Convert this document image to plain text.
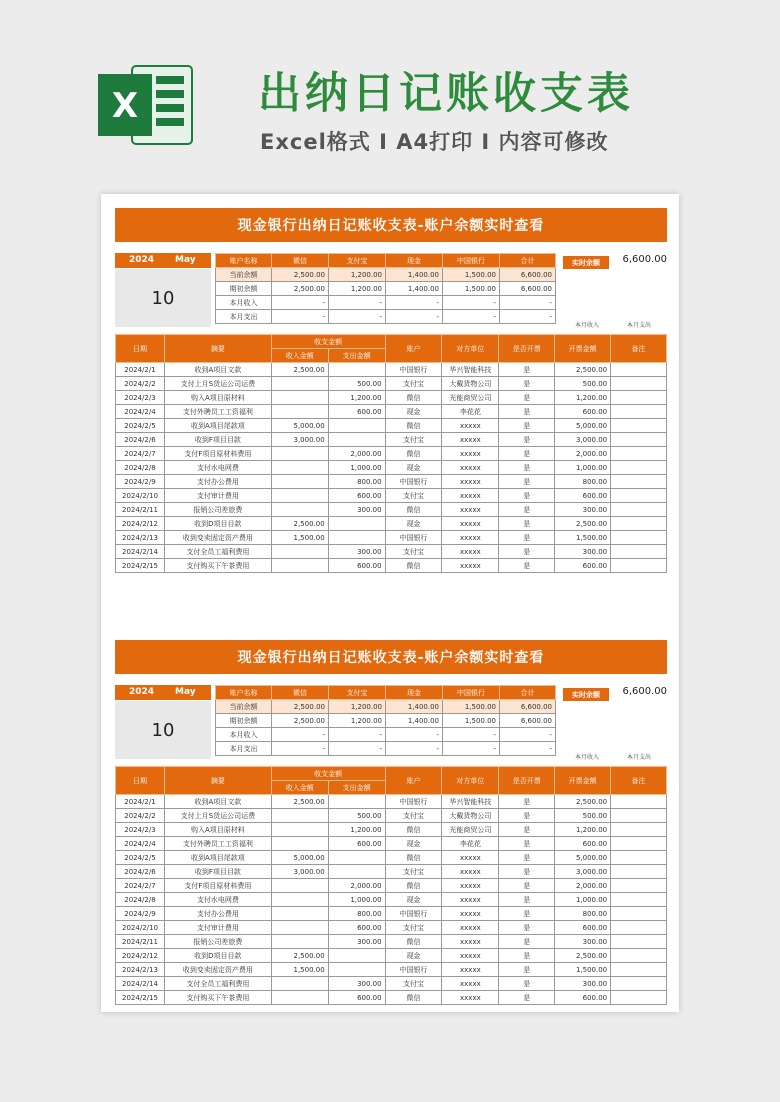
X	出纳日记账收支表
Excel格式 I A4打印 I 内容可修改
现金银行出纳日记账收支表-账户余额实时查看
2024 May
10
账户名称	微信	支付宝	现金	中国银行	合计
当前余额	2,500.00	1,200.00	1,400.00	1,500.00	6,600.00
期初余额	2,500.00	1,200.00	1,400.00	1,500.00	6,600.00
本月收入	-	-	-	-	-
本月支出	-	-	-	-	-
实时余额	6,600.00
本月收入	本月支出
日期	摘要	收支金额		账户	对方单位	是否开票	开票金额	备注
		收入金额	支出金额					
2024/2/1	收到A项目文款	2,500.00		中国银行	华兴智能科技	是	2,500.00	
2024/2/2	支付上月S货运公司运费		500.00	支付宝	大戴货物公司	是	500.00	
2024/2/3	购入A项目原材料		1,200.00	微信	光能商贸公司	是	1,200.00	
2024/2/4	支付外聘员工工资福利		600.00	现金	李花花	是	600.00	
2024/2/5	收到A项目尾款项	5,000.00		微信	xxxxx	是	5,000.00	
2024/2/6	收到F项目目款	3,000.00		支付宝	xxxxx	是	3,000.00	
2024/2/7	支付F项目原材料费用		2,000.00	微信	xxxxx	是	2,000.00	
2024/2/8	支付水电网费		1,000.00	现金	xxxxx	是	1,000.00	
2024/2/9	支付办公费用		800.00	中国银行	xxxxx	是	800.00	
2024/2/10	支付审计费用		600.00	支付宝	xxxxx	是	600.00	
2024/2/11	报销公司差旅费		300.00	微信	xxxxx	是	300.00	
2024/2/12	收到D项目目款	2,500.00		现金	xxxxx	是	2,500.00	
2024/2/13	收到变卖固定资产费用	1,500.00		中国银行	xxxxx	是	1,500.00	
2024/2/14	支付全员工福利费用		300.00	支付宝	xxxxx	是	300.00	
2024/2/15	支付购买下午茶费用		600.00	微信	xxxxx	是	600.00	
现金银行出纳日记账收支表-账户余额实时查看
2024 May
10
账户名称	微信	支付宝	现金	中国银行	合计
当前余额	2,500.00	1,200.00	1,400.00	1,500.00	6,600.00
期初余额	2,500.00	1,200.00	1,400.00	1,500.00	6,600.00
本月收入	-	-	-	-	-
本月支出	-	-	-	-	-
实时余额	6,600.00
本月收入	本月支出
日期	摘要	收支金额		账户	对方单位	是否开票	开票金额	备注
		收入金额	支出金额					
2024/2/1	收到A项目文款	2,500.00		中国银行	华兴智能科技	是	2,500.00	
2024/2/2	支付上月S货运公司运费		500.00	支付宝	大戴货物公司	是	500.00	
2024/2/3	购入A项目原材料		1,200.00	微信	光能商贸公司	是	1,200.00	
2024/2/4	支付外聘员工工资福利		600.00	现金	李花花	是	600.00	
2024/2/5	收到A项目尾款项	5,000.00		微信	xxxxx	是	5,000.00	
2024/2/6	收到F项目目款	3,000.00		支付宝	xxxxx	是	3,000.00	
2024/2/7	支付F项目原材料费用		2,000.00	微信	xxxxx	是	2,000.00	
2024/2/8	支付水电网费		1,000.00	现金	xxxxx	是	1,000.00	
2024/2/9	支付办公费用		800.00	中国银行	xxxxx	是	800.00	
2024/2/10	支付审计费用		600.00	支付宝	xxxxx	是	600.00	
2024/2/11	报销公司差旅费		300.00	微信	xxxxx	是	300.00	
2024/2/12	收到D项目目款	2,500.00		现金	xxxxx	是	2,500.00	
2024/2/13	收到变卖固定资产费用	1,500.00		中国银行	xxxxx	是	1,500.00	
2024/2/14	支付全员工福利费用		300.00	支付宝	xxxxx	是	300.00	
2024/2/15	支付购买下午茶费用		600.00	微信	xxxxx	是	600.00	
